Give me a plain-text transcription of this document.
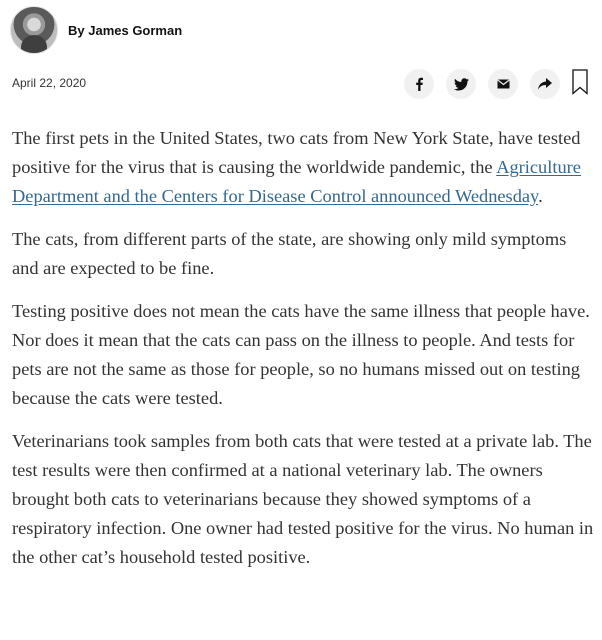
By James Gorman
April 22, 2020

The first pets in the United States, two cats from New York State, have tested positive for the virus that is causing the worldwide pandemic, the Agriculture Department and the Centers for Disease Control announced Wednesday.

The cats, from different parts of the state, are showing only mild symptoms and are expected to be fine.

Testing positive does not mean the cats have the same illness that people have. Nor does it mean that the cats can pass on the illness to people. And tests for pets are not the same as those for people, so no humans missed out on testing because the cats were tested.

Veterinarians took samples from both cats that were tested at a private lab. The test results were then confirmed at a national veterinary lab. The owners brought both cats to veterinarians because they showed symptoms of a respiratory infection. One owner had tested positive for the virus. No human in the other cat’s household tested positive.
